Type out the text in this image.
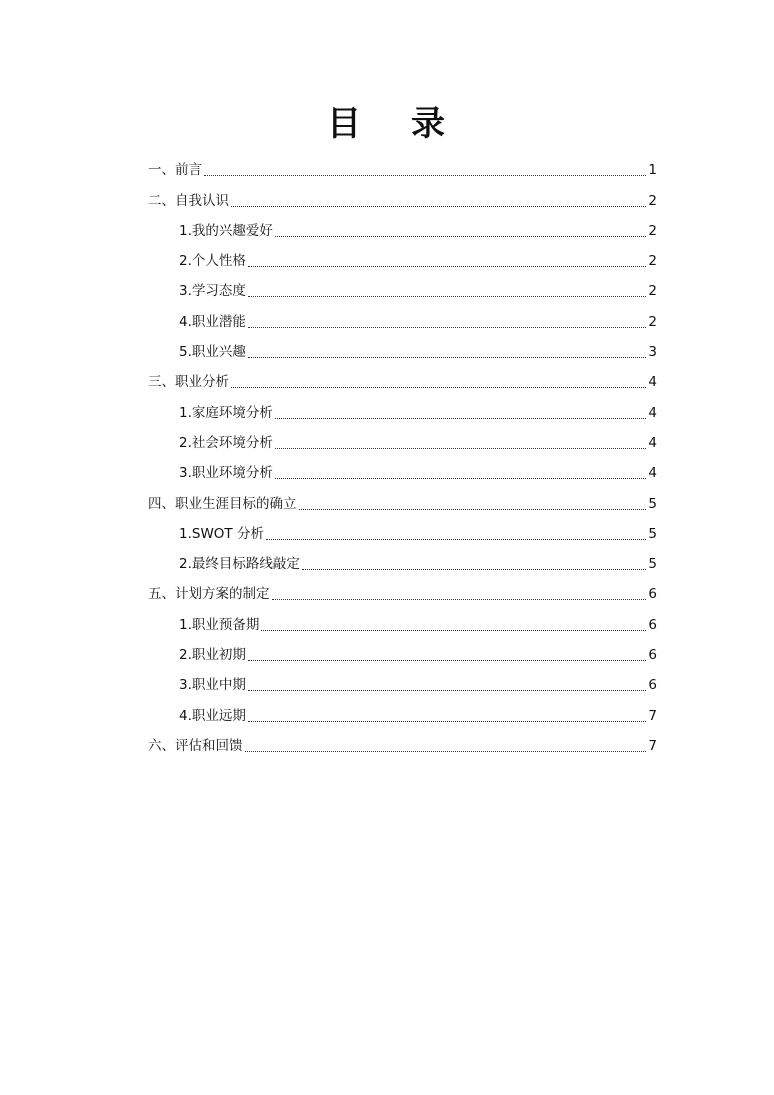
目 录
一、前言	1
二、自我认识	2
1.我的兴趣爱好	2
2.个人性格	2
3.学习态度	2
4.职业潜能	2
5.职业兴趣	3
三、职业分析	4
1.家庭环境分析	4
2.社会环境分析	4
3.职业环境分析	4
四、职业生涯目标的确立	5
1.SWOT 分析	5
2.最终目标路线敲定	5
五、计划方案的制定	6
1.职业预备期	6
2.职业初期	6
3.职业中期	6
4.职业远期	7
六、评估和回馈	7
